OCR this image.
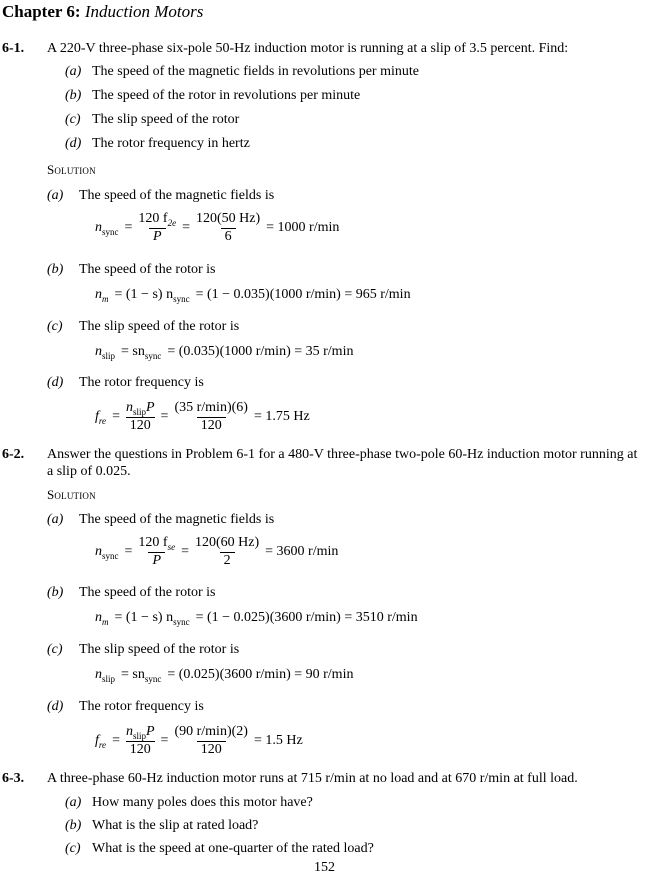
Chapter 6: Induction Motors
6-1. A 220-V three-phase six-pole 50-Hz induction motor is running at a slip of 3.5 percent. Find:
(a) The speed of the magnetic fields in revolutions per minute
(b) The speed of the rotor in revolutions per minute
(c) The slip speed of the rotor
(d) The rotor frequency in hertz
Solution
(a) The speed of the magnetic fields is
n sync = $\frac{120 f_{2e}}{P} = \frac{120(50 Hz)}{6} = 1000$ r/min
(b) The speed of the rotor is
n m = (1 − s) n sync = (1 − 0.035)(1000 r/min) = 965 r/min
(c) The slip speed of the rotor is
n slip = sn sync = (0.035)(1000 r/min) = 35 r/min
(d) The rotor frequency is
f re = $\frac{n_{slip}P}{120} = \frac{(35 r/\min)(6)}{120} = 1.75$ Hz
6-2. Answer the questions in Problem 6-1 for a 480-V three-phase two-pole 60-Hz induction motor running at
a slip of 0.025.
Solution
(a) The speed of the magnetic fields is
n sync = $\frac{120 f_{se}}{P} = \frac{120(60 Hz)}{2} = 3600$ r/min
(b) The speed of the rotor is
n m = (1 − s) n sync = (1 − 0.025)(3600 r/min) = 3510 r/min
(c) The slip speed of the rotor is
n slip = sn sync = (0.025)(3600 r/min) = 90 r/min
(d) The rotor frequency is
f re = $\frac{n_{slip}P}{120} = \frac{(90 r/\min)(2)}{120} = 1.5$ Hz
6-3. A three-phase 60-Hz induction motor runs at 715 r/min at no load and at 670 r/min at full load.
(a) How many poles does this motor have?
(b) What is the slip at rated load?
(c) What is the speed at one-quarter of the rated load?
152
